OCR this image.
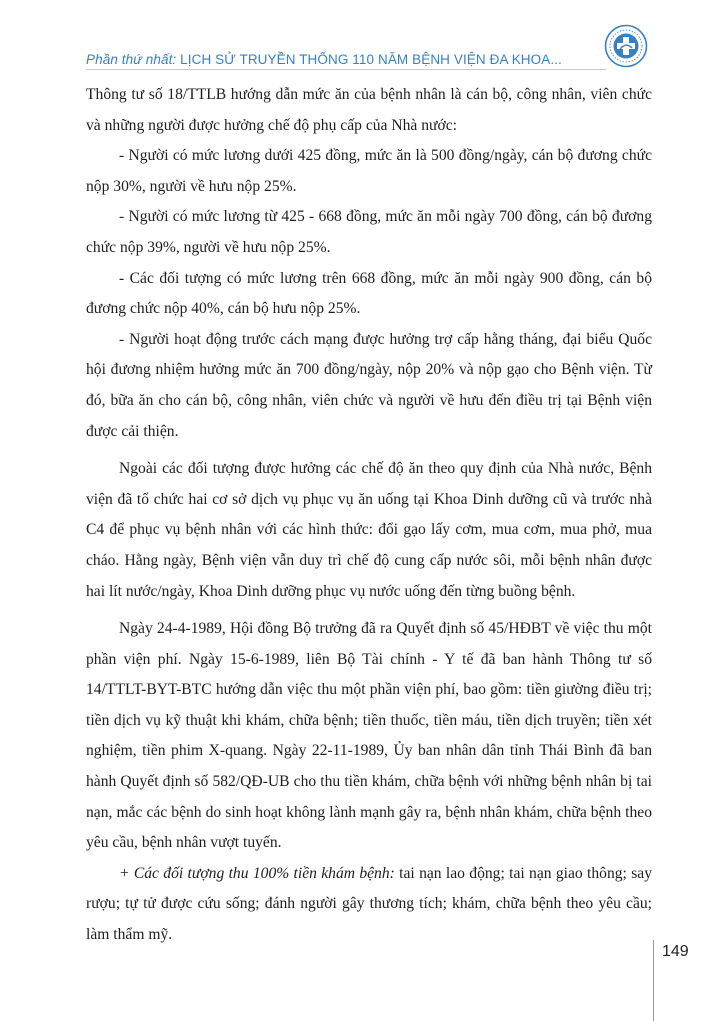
Phần thứ nhất: LỊCH SỬ TRUYỀN THỐNG 110 NĂM BỆNH VIỆN ĐA KHOA...

Thông tư số 18/TTLB hướng dẫn mức ăn của bệnh nhân là cán bộ, công nhân, viên chức và những người được hưởng chế độ phụ cấp của Nhà nước:

- Người có mức lương dưới 425 đồng, mức ăn là 500 đồng/ngày, cán bộ đương chức nộp 30%, người về hưu nộp 25%.

- Người có mức lương từ 425 - 668 đồng, mức ăn mỗi ngày 700 đồng, cán bộ đương chức nộp 39%, người về hưu nộp 25%.

- Các đối tượng có mức lương trên 668 đồng, mức ăn mỗi ngày 900 đồng, cán bộ đương chức nộp 40%, cán bộ hưu nộp 25%.

- Người hoạt động trước cách mạng được hưởng trợ cấp hằng tháng, đại biểu Quốc hội đương nhiệm hưởng mức ăn 700 đồng/ngày, nộp 20% và nộp gạo cho Bệnh viện. Từ đó, bữa ăn cho cán bộ, công nhân, viên chức và người về hưu đến điều trị tại Bệnh viện được cải thiện.

Ngoài các đối tượng được hưởng các chế độ ăn theo quy định của Nhà nước, Bệnh viện đã tổ chức hai cơ sở dịch vụ phục vụ ăn uống tại Khoa Dinh dưỡng cũ và trước nhà C4 để phục vụ bệnh nhân với các hình thức: đổi gạo lấy cơm, mua cơm, mua phở, mua cháo. Hằng ngày, Bệnh viện vẫn duy trì chế độ cung cấp nước sôi, mỗi bệnh nhân được hai lít nước/ngày, Khoa Dinh dưỡng phục vụ nước uống đến từng buồng bệnh.

Ngày 24-4-1989, Hội đồng Bộ trưởng đã ra Quyết định số 45/HĐBT về việc thu một phần viện phí. Ngày 15-6-1989, liên Bộ Tài chính - Y tế đã ban hành Thông tư số 14/TTLT-BYT-BTC hướng dẫn việc thu một phần viện phí, bao gồm: tiền giường điều trị; tiền dịch vụ kỹ thuật khi khám, chữa bệnh; tiền thuốc, tiền máu, tiền dịch truyền; tiền xét nghiệm, tiền phim X-quang. Ngày 22-11-1989, Ủy ban nhân dân tỉnh Thái Bình đã ban hành Quyết định số 582/QĐ-UB cho thu tiền khám, chữa bệnh với những bệnh nhân bị tai nạn, mắc các bệnh do sinh hoạt không lành mạnh gây ra, bệnh nhân khám, chữa bệnh theo yêu cầu, bệnh nhân vượt tuyến.

+ Các đối tượng thu 100% tiền khám bệnh: tai nạn lao động; tai nạn giao thông; say rượu; tự tử được cứu sống; đánh người gây thương tích; khám, chữa bệnh theo yêu cầu; làm thẩm mỹ.

149
